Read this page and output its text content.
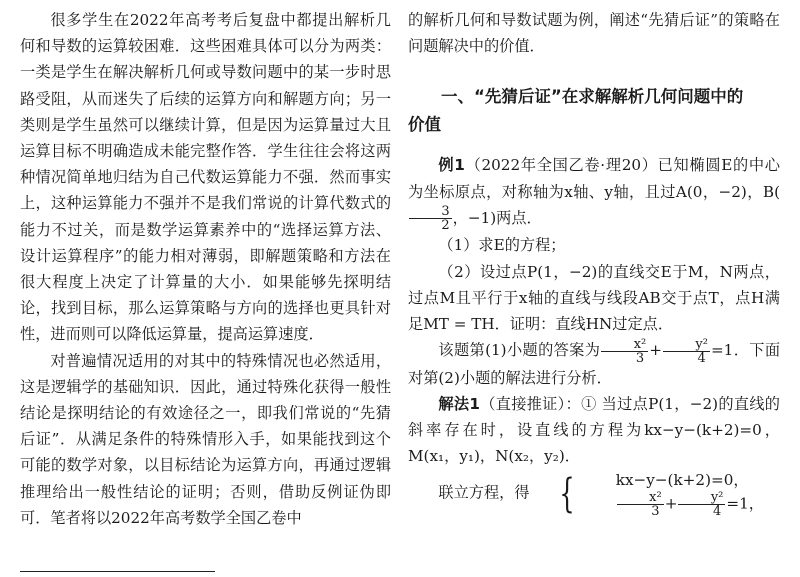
很多学生在2022年高考考后复盘中都提出解析几何和导数的运算较困难．这些困难具体可以分为两类：一类是学生在解决解析几何或导数问题中的某一步时思路受阻，从而迷失了后续的运算方向和解题方向；另一类则是学生虽然可以继续计算，但是因为运算量过大且运算目标不明确造成未能完整作答．学生往往会将这两种情况简单地归结为自己代数运算能力不强．然而事实上，这种运算能力不强并不是我们常说的计算代数式的能力不过关，而是数学运算素养中的“选择运算方法、设计运算程序”的能力相对薄弱，即解题策略和方法在很大程度上决定了计算量的大小．如果能够先探明结论，找到目标，那么运算策略与方向的选择也更具针对性，进而则可以降低运算量，提高运算速度．

对普遍情况适用的对其中的特殊情况也必然适用，这是逻辑学的基础知识．因此，通过特殊化获得一般性结论是探明结论的有效途径之一，即我们常说的“先猜后证”．从满足条件的特殊情形入手，如果能找到这个可能的数学对象，以目标结论为运算方向，再通过逻辑推理给出一般性结论的证明；否则，借助反例证伪即可．笔者将以2022年高考数学全国乙卷中

的解析几何和导数试题为例，阐述“先猜后证”的策略在问题解决中的价值．

一、“先猜后证”在求解解析几何问题中的
价值

例1（2022年全国乙卷·理20）已知椭圆E的中心为坐标原点，对称轴为x轴、y轴，且过A(0，−2)，B(
$\frac{3}{2}$ ，−1)两点．

（1）求E的方程；

（2）设过点P(1，−2)的直线交E于M，N两点，过点M且平行于x轴的直线与线段AB交于点T，点H满足MT = TH．证明：直线HN过定点．

该题第(1)小题的答案为 $\frac{\text{x²}}{3} + \frac{\text{y²}}{4} =1$．下面对第(2)小题的解法进行分析．

解法1（直接推证）：① 当过点P(1，−2)的直线的斜率存在时，设直线的方程为kx−y−(k+2)=0，M(x₁，y₁)，N(x₂，y₂)．

联立方程，得 {	kx−y−(k+2)=0，
$\frac{\text{x²}}{3} + \frac{\text{y²}}{4} =1$，
